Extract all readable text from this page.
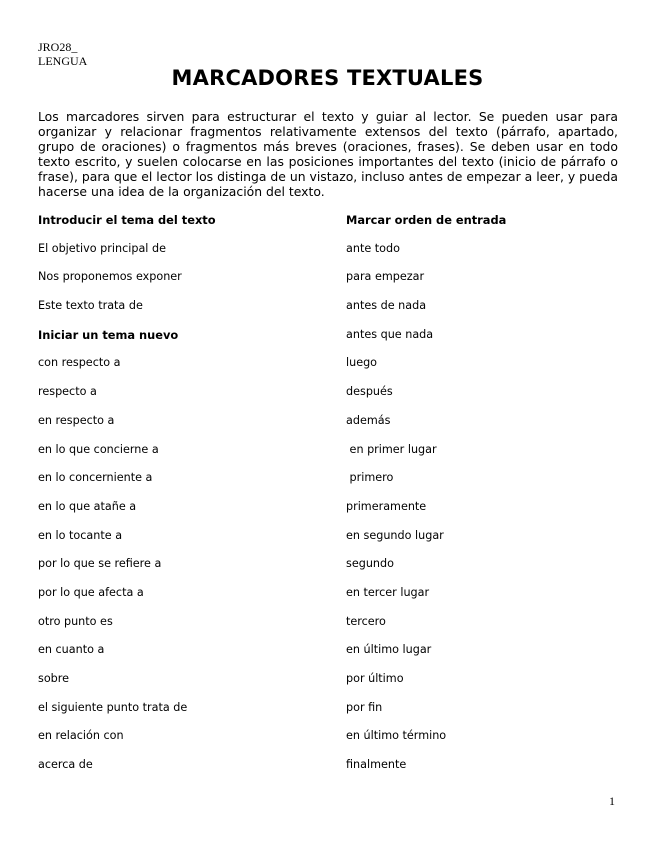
JRO28_
LENGUA
MARCADORES TEXTUALES
Los marcadores sirven para estructurar el texto y guiar al lector. Se pueden usar para organizar y relacionar fragmentos relativamente extensos del texto (párrafo, apartado, grupo de oraciones) o fragmentos más breves (oraciones, frases). Se deben usar en todo texto escrito, y suelen colocarse en las posiciones importantes del texto (inicio de párrafo o frase), para que el lector los distinga de un vistazo, incluso antes de empezar a leer, y pueda hacerse una idea de la organización del texto.
Introducir el tema del texto
El objetivo principal de
Nos proponemos exponer
Este texto trata de
Iniciar un tema nuevo
con respecto a
respecto a
en respecto a
en lo que concierne a
en lo concerniente a
en lo que atañe a
en lo tocante a
por lo que se refiere a
por lo que afecta a
otro punto es
en cuanto a
sobre
el siguiente punto trata de
en relación con
acerca de
Marcar orden de entrada
ante todo
para empezar
antes de nada
antes que nada
luego
después
además
en primer lugar
primero
primeramente
en segundo lugar
segundo
en tercer lugar
tercero
en último lugar
por último
por fin
en último término
finalmente
1
